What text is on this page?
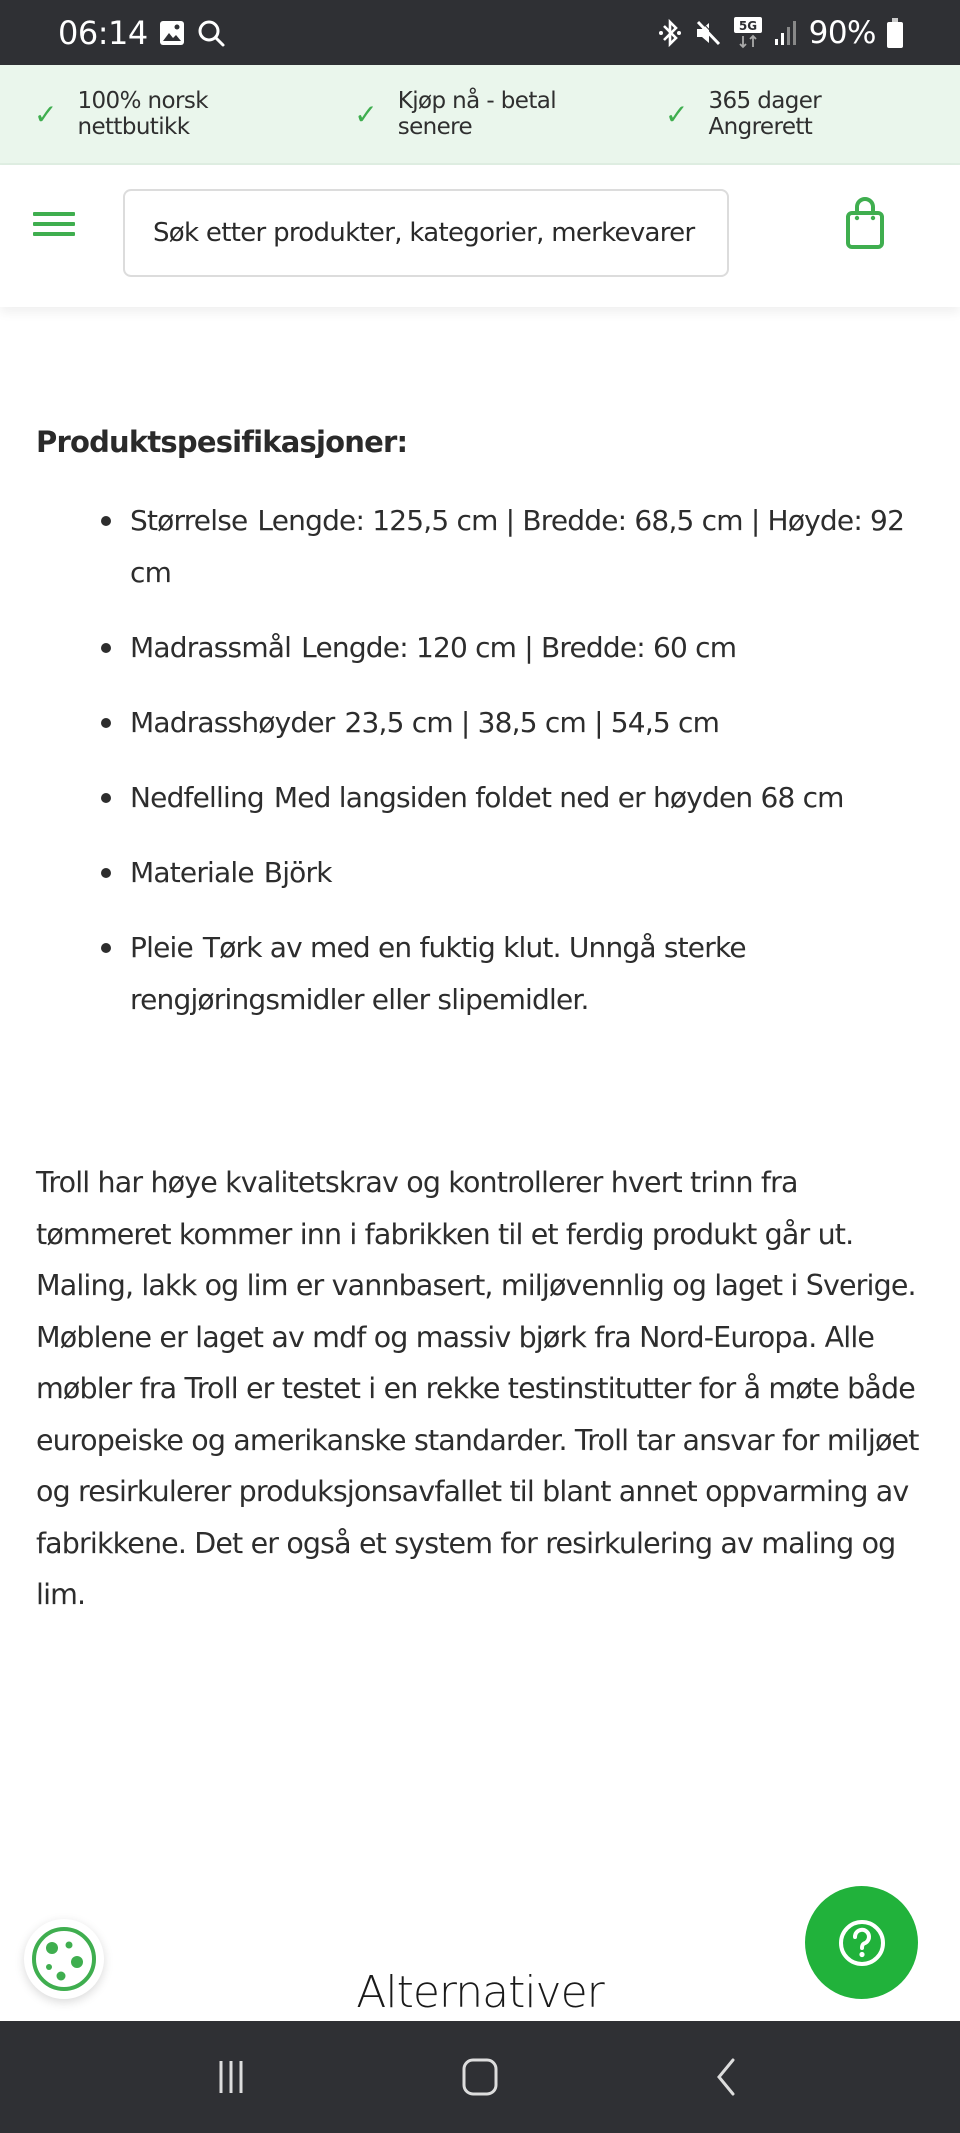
06:14	5G 90%
✓ 100% norsk nettbutikk	✓ Kjøp nå - betal senere	✓ 365 dager Angrerett
Søk etter produkter, kategorier, merkevarer
Produktspesifikasjoner:
Størrelse Lengde: 125,5 cm | Bredde: 68,5 cm | Høyde: 92 cm
Madrassmål Lengde: 120 cm | Bredde: 60 cm
Madrasshøyder 23,5 cm | 38,5 cm | 54,5 cm
Nedfelling Med langsiden foldet ned er høyden 68 cm
Materiale Björk
Pleie Tørk av med en fuktig klut. Unngå sterke rengjøringsmidler eller slipemidler.

Troll har høye kvalitetskrav og kontrollerer hvert trinn fra tømmeret kommer inn i fabrikken til et ferdig produkt går ut. Maling, lakk og lim er vannbasert, miljøvennlig og laget i Sverige. Møblene er laget av mdf og massiv bjørk fra Nord-Europa. Alle møbler fra Troll er testet i en rekke testinstitutter for å møte både europeiske og amerikanske standarder. Troll tar ansvar for miljøet og resirkulerer produksjonsavfallet til blant annet oppvarming av fabrikkene. Det er også et system for resirkulering av maling og lim.

Alternativer
